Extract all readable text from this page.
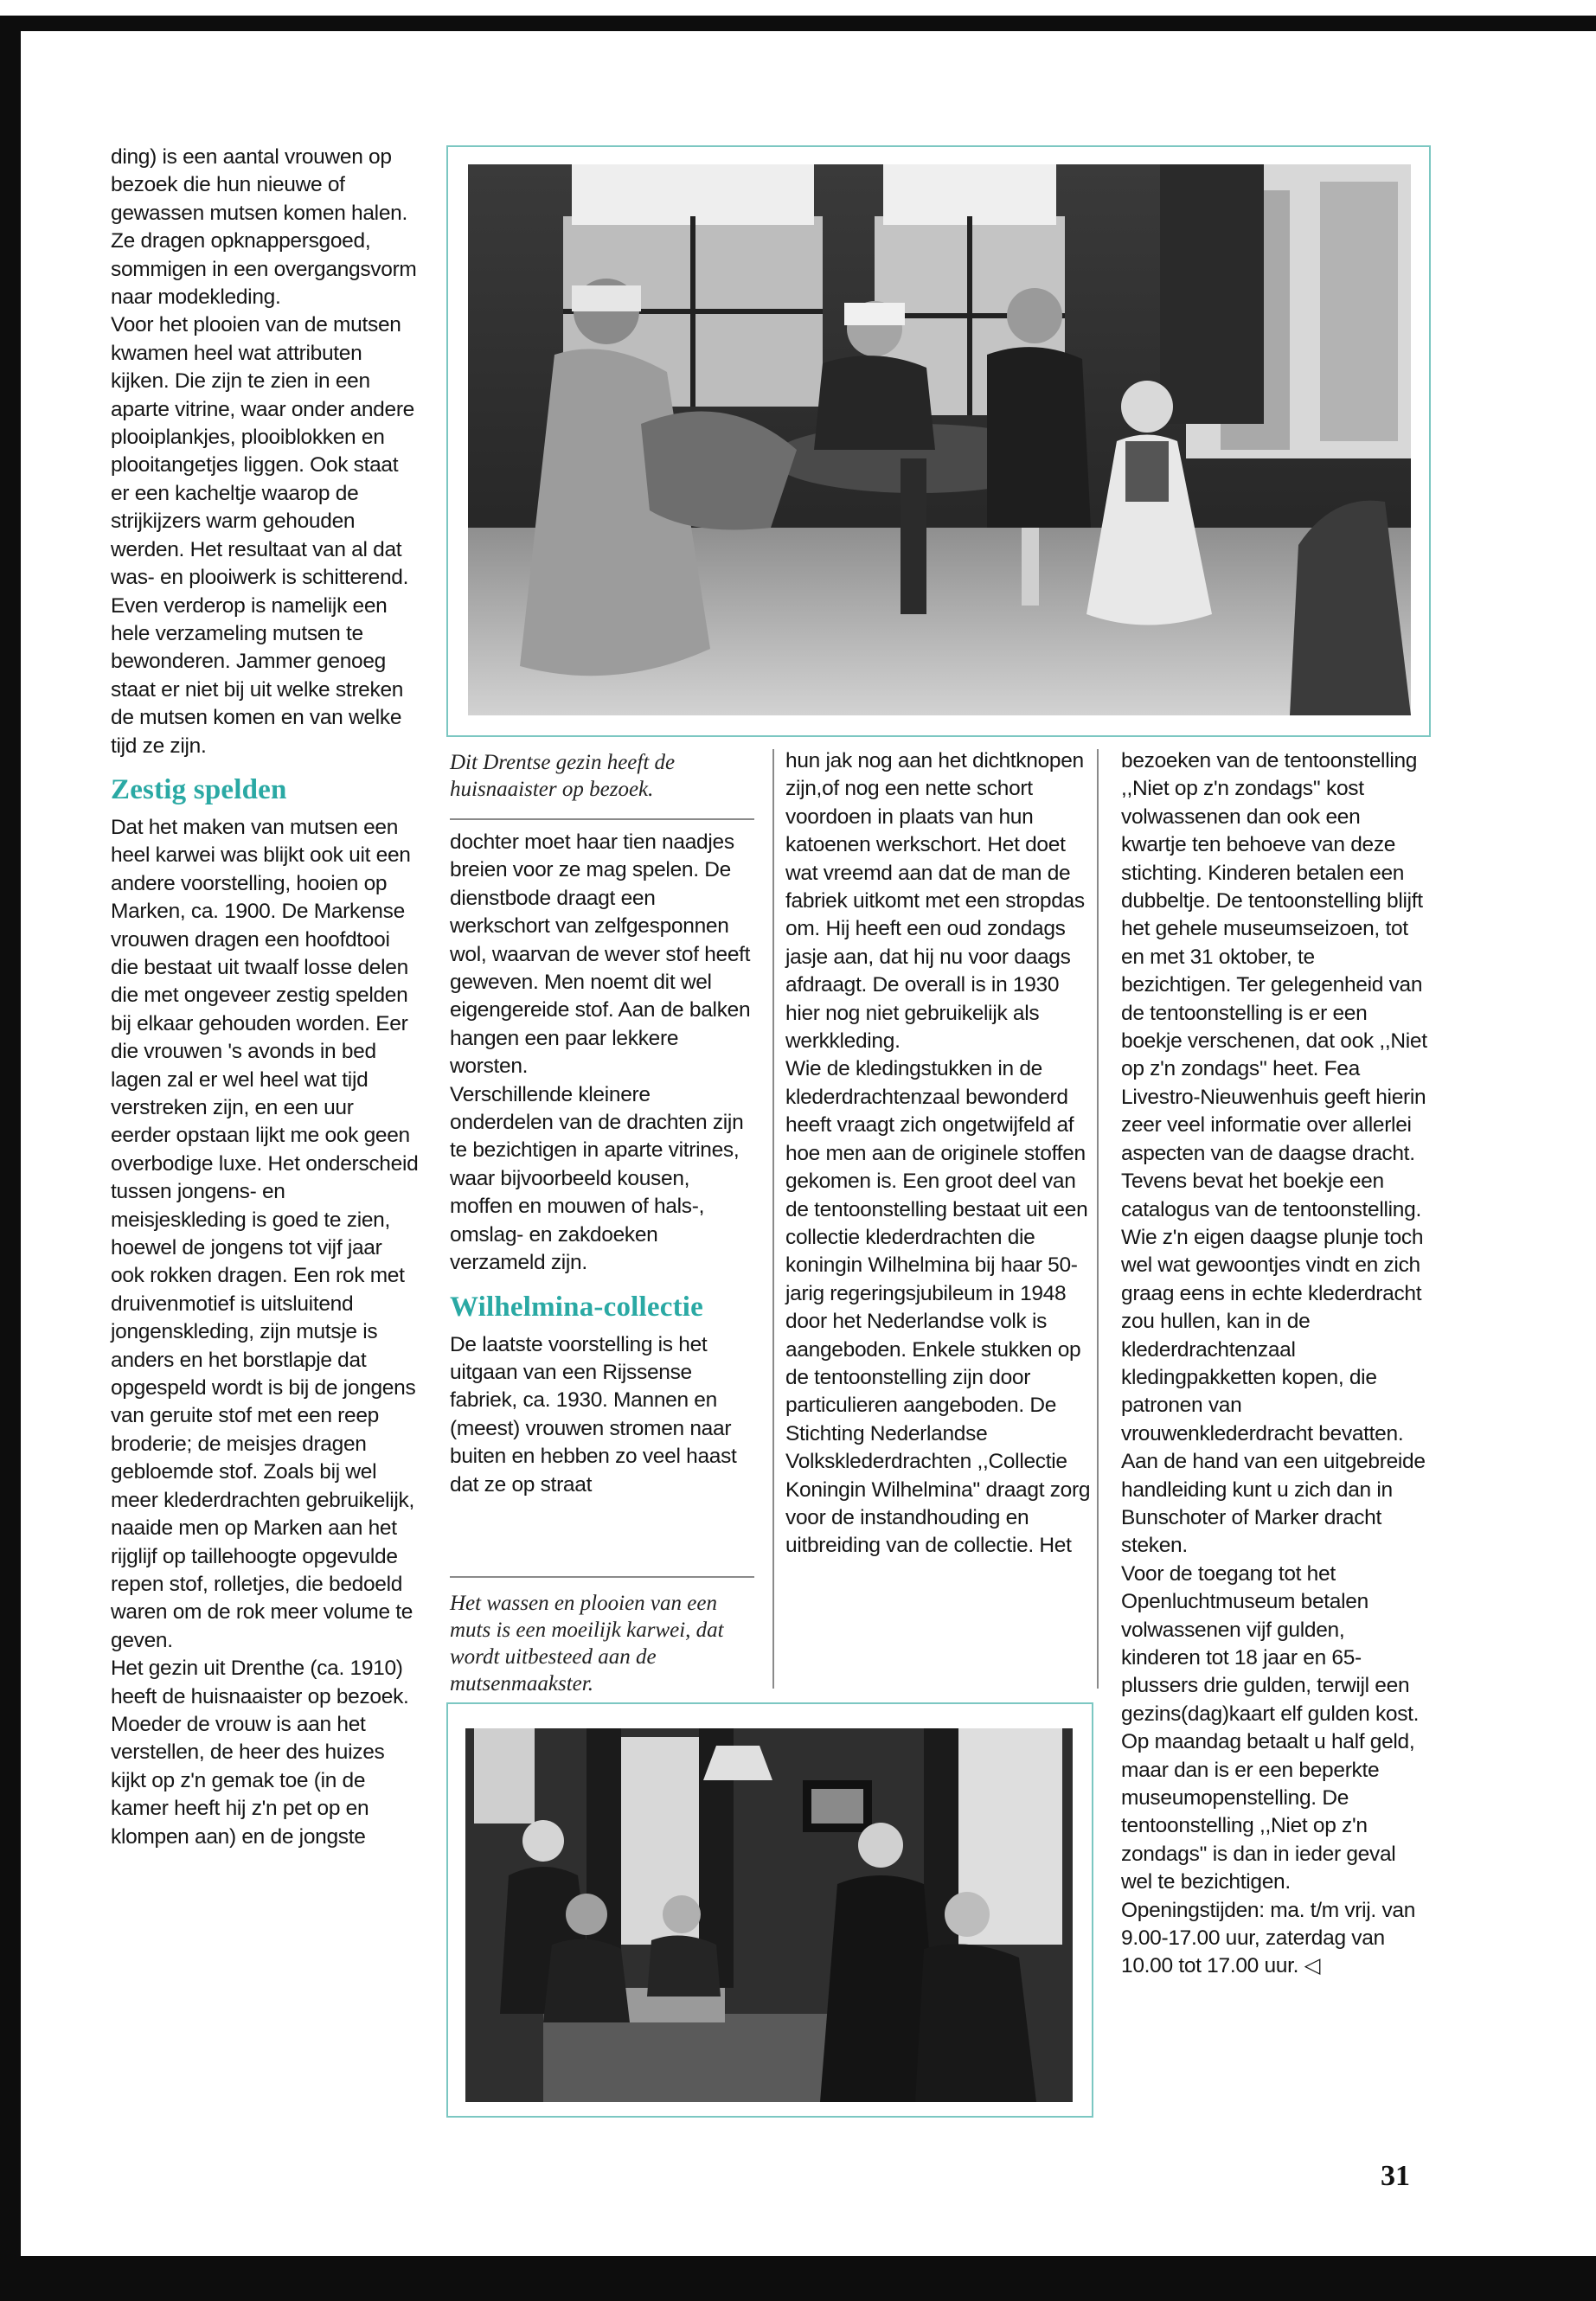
ding) is een aantal vrouwen op bezoek die hun nieuwe of gewassen mutsen komen halen. Ze dragen opknappersgoed, sommigen in een overgangsvorm naar modekleding.

Voor het plooien van de mutsen kwamen heel wat attributen kijken. Die zijn te zien in een aparte vitrine, waar onder andere plooiplankjes, plooiblokken en plooitangetjes liggen. Ook staat er een kacheltje waarop de strijkijzers warm gehouden werden. Het resultaat van al dat was- en plooiwerk is schitterend. Even verderop is namelijk een hele verzameling mutsen te bewonderen. Jammer genoeg staat er niet bij uit welke streken de mutsen komen en van welke tijd ze zijn.

Zestig spelden

Dat het maken van mutsen een heel karwei was blijkt ook uit een andere voorstelling, hooien op Marken, ca. 1900. De Markense vrouwen dragen een hoofdtooi die bestaat uit twaalf losse delen die met ongeveer zestig spelden bij elkaar gehouden worden. Eer die vrouwen 's avonds in bed lagen zal er wel heel wat tijd verstreken zijn, en een uur eerder opstaan lijkt me ook geen overbodige luxe. Het onderscheid tussen jongens- en meisjeskleding is goed te zien, hoewel de jongens tot vijf jaar ook rokken dragen. Een rok met druivenmotief is uitsluitend jongenskleding, zijn mutsje is anders en het borstlapje dat opgespeld wordt is bij de jongens van geruite stof met een reep broderie; de meisjes dragen gebloemde stof. Zoals bij wel meer klederdrachten gebruikelijk, naaide men op Marken aan het rijglijf op taillehoogte opgevulde repen stof, rolletjes, die bedoeld waren om de rok meer volume te geven.

Het gezin uit Drenthe (ca. 1910) heeft de huisnaaister op bezoek. Moeder de vrouw is aan het verstellen, de heer des huizes kijkt op z'n gemak toe (in de kamer heeft hij z'n pet op en klompen aan) en de jongste

Dit Drentse gezin heeft de huisnaaister op bezoek.

dochter moet haar tien naadjes breien voor ze mag spelen. De dienstbode draagt een werkschort van zelfgesponnen wol, waarvan de wever stof heeft geweven. Men noemt dit wel eigengereide stof. Aan de balken hangen een paar lekkere worsten.

Verschillende kleinere onderdelen van de drachten zijn te bezichtigen in aparte vitrines, waar bijvoorbeeld kousen, moffen en mouwen of hals-, omslag- en zakdoeken verzameld zijn.

Wilhelmina-collectie

De laatste voorstelling is het uitgaan van een Rijssense fabriek, ca. 1930. Mannen en (meest) vrouwen stromen naar buiten en hebben zo veel haast dat ze op straat

Het wassen en plooien van een muts is een moeilijk karwei, dat wordt uitbesteed aan de mutsenmaakster.

hun jak nog aan het dichtknopen zijn,of nog een nette schort voordoen in plaats van hun katoenen werkschort. Het doet wat vreemd aan dat de man de fabriek uitkomt met een stropdas om. Hij heeft een oud zondags jasje aan, dat hij nu voor daags afdraagt. De overall is in 1930 hier nog niet gebruikelijk als werkkleding.

Wie de kledingstukken in de klederdrachtenzaal bewonderd heeft vraagt zich ongetwijfeld af hoe men aan de originele stoffen gekomen is. Een groot deel van de tentoonstelling bestaat uit een collectie klederdrachten die koningin Wilhelmina bij haar 50-jarig regeringsjubileum in 1948 door het Nederlandse volk is aangeboden. Enkele stukken op de tentoonstelling zijn door particulieren aangeboden. De Stichting Nederlandse Volksklederdrachten ,,Collectie Koningin Wilhelmina'' draagt zorg voor de instandhouding en uitbreiding van de collectie. Het

bezoeken van de tentoonstelling ,,Niet op z'n zondags'' kost volwassenen dan ook een kwartje ten behoeve van deze stichting. Kinderen betalen een dubbeltje. De tentoonstelling blijft het gehele museumseizoen, tot en met 31 oktober, te bezichtigen. Ter gelegenheid van de tentoonstelling is er een boekje verschenen, dat ook ,,Niet op z'n zondags'' heet. Fea Livestro-Nieuwenhuis geeft hierin zeer veel informatie over allerlei aspecten van de daagse dracht. Tevens bevat het boekje een catalogus van de tentoonstelling.

Wie z'n eigen daagse plunje toch wel wat gewoontjes vindt en zich graag eens in echte klederdracht zou hullen, kan in de klederdrachtenzaal kledingpakketten kopen, die patronen van vrouwenklederdracht bevatten. Aan de hand van een uitgebreide handleiding kunt u zich dan in Bunschoter of Marker dracht steken.

Voor de toegang tot het Openluchtmuseum betalen volwassenen vijf gulden, kinderen tot 18 jaar en 65-plussers drie gulden, terwijl een gezins(dag)kaart elf gulden kost. Op maandag betaalt u half geld, maar dan is er een beperkte museumopenstelling. De tentoonstelling ,,Niet op z'n zondags'' is dan in ieder geval wel te bezichtigen.

Openingstijden: ma. t/m vrij. van 9.00-17.00 uur, zaterdag van 10.00 tot 17.00 uur. ◁

31
